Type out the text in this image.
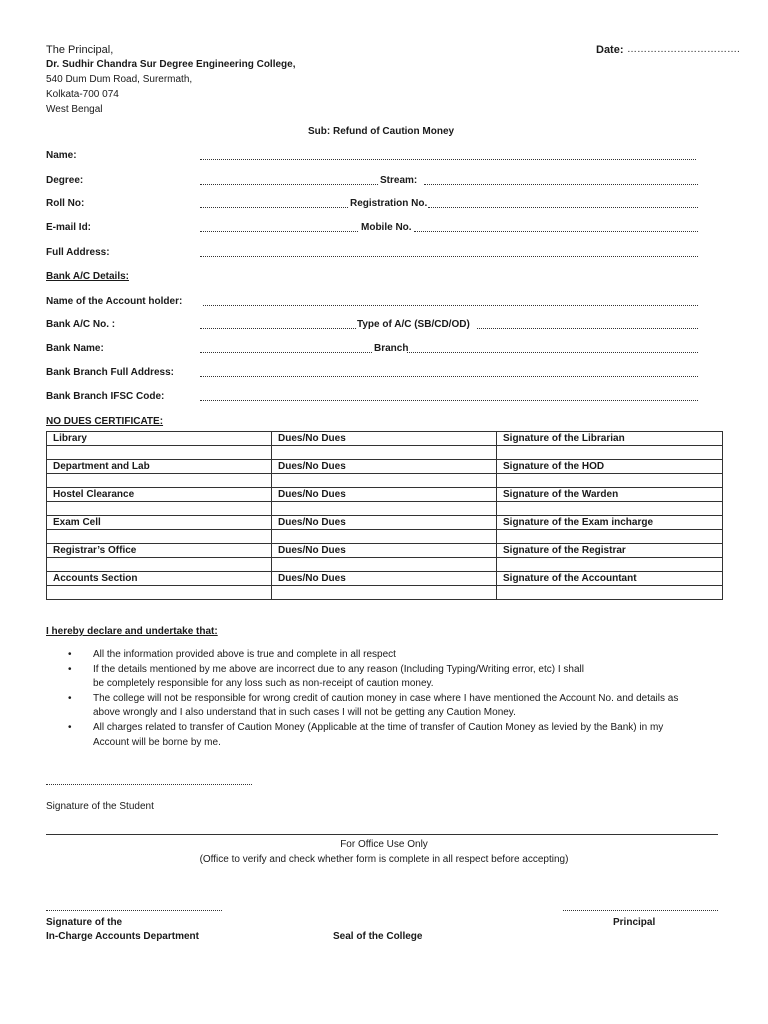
The Principal,
Dr. Sudhir Chandra Sur Degree Engineering College,
540 Dum Dum Road, Surermath,
Kolkata-700 074
West Bengal
Date: …………………………….
Sub: Refund of Caution Money
Name:
Degree:	Stream:
Roll No:	Registration No.
E-mail Id:	Mobile No.
Full Address:
Bank A/C Details:
Name of the Account holder:
Bank A/C No. :	Type of A/C (SB/CD/OD)
Bank Name:	Branch
Bank Branch Full Address:
Bank Branch IFSC Code:
NO DUES CERTIFICATE:
Library	Dues/No Dues	Signature of the Librarian

Department and Lab	Dues/No Dues	Signature of the HOD

Hostel Clearance	Dues/No Dues	Signature of the Warden

Exam Cell	Dues/No Dues	Signature of the Exam incharge

Registrar’s Office	Dues/No Dues	Signature of the Registrar

Accounts Section	Dues/No Dues	Signature of the Accountant

I hereby declare and undertake that:
• All the information provided above is true and complete in all respect
• If the details mentioned by me above are incorrect due to any reason (Including Typing/Writing error, etc) I shall
be completely responsible for any loss such as non-receipt of caution money.
• The college will not be responsible for wrong credit of caution money in case where I have mentioned the Account No. and details as
above wrongly and I also understand that in such cases I will not be getting any Caution Money.
• All charges related to transfer of Caution Money (Applicable at the time of transfer of Caution Money as levied by the Bank) in my
Account will be borne by me.
Signature of the Student
For Office Use Only
(Office to verify and check whether form is complete in all respect before accepting)
Signature of the
In-Charge Accounts Department	Seal of the College
Principal
